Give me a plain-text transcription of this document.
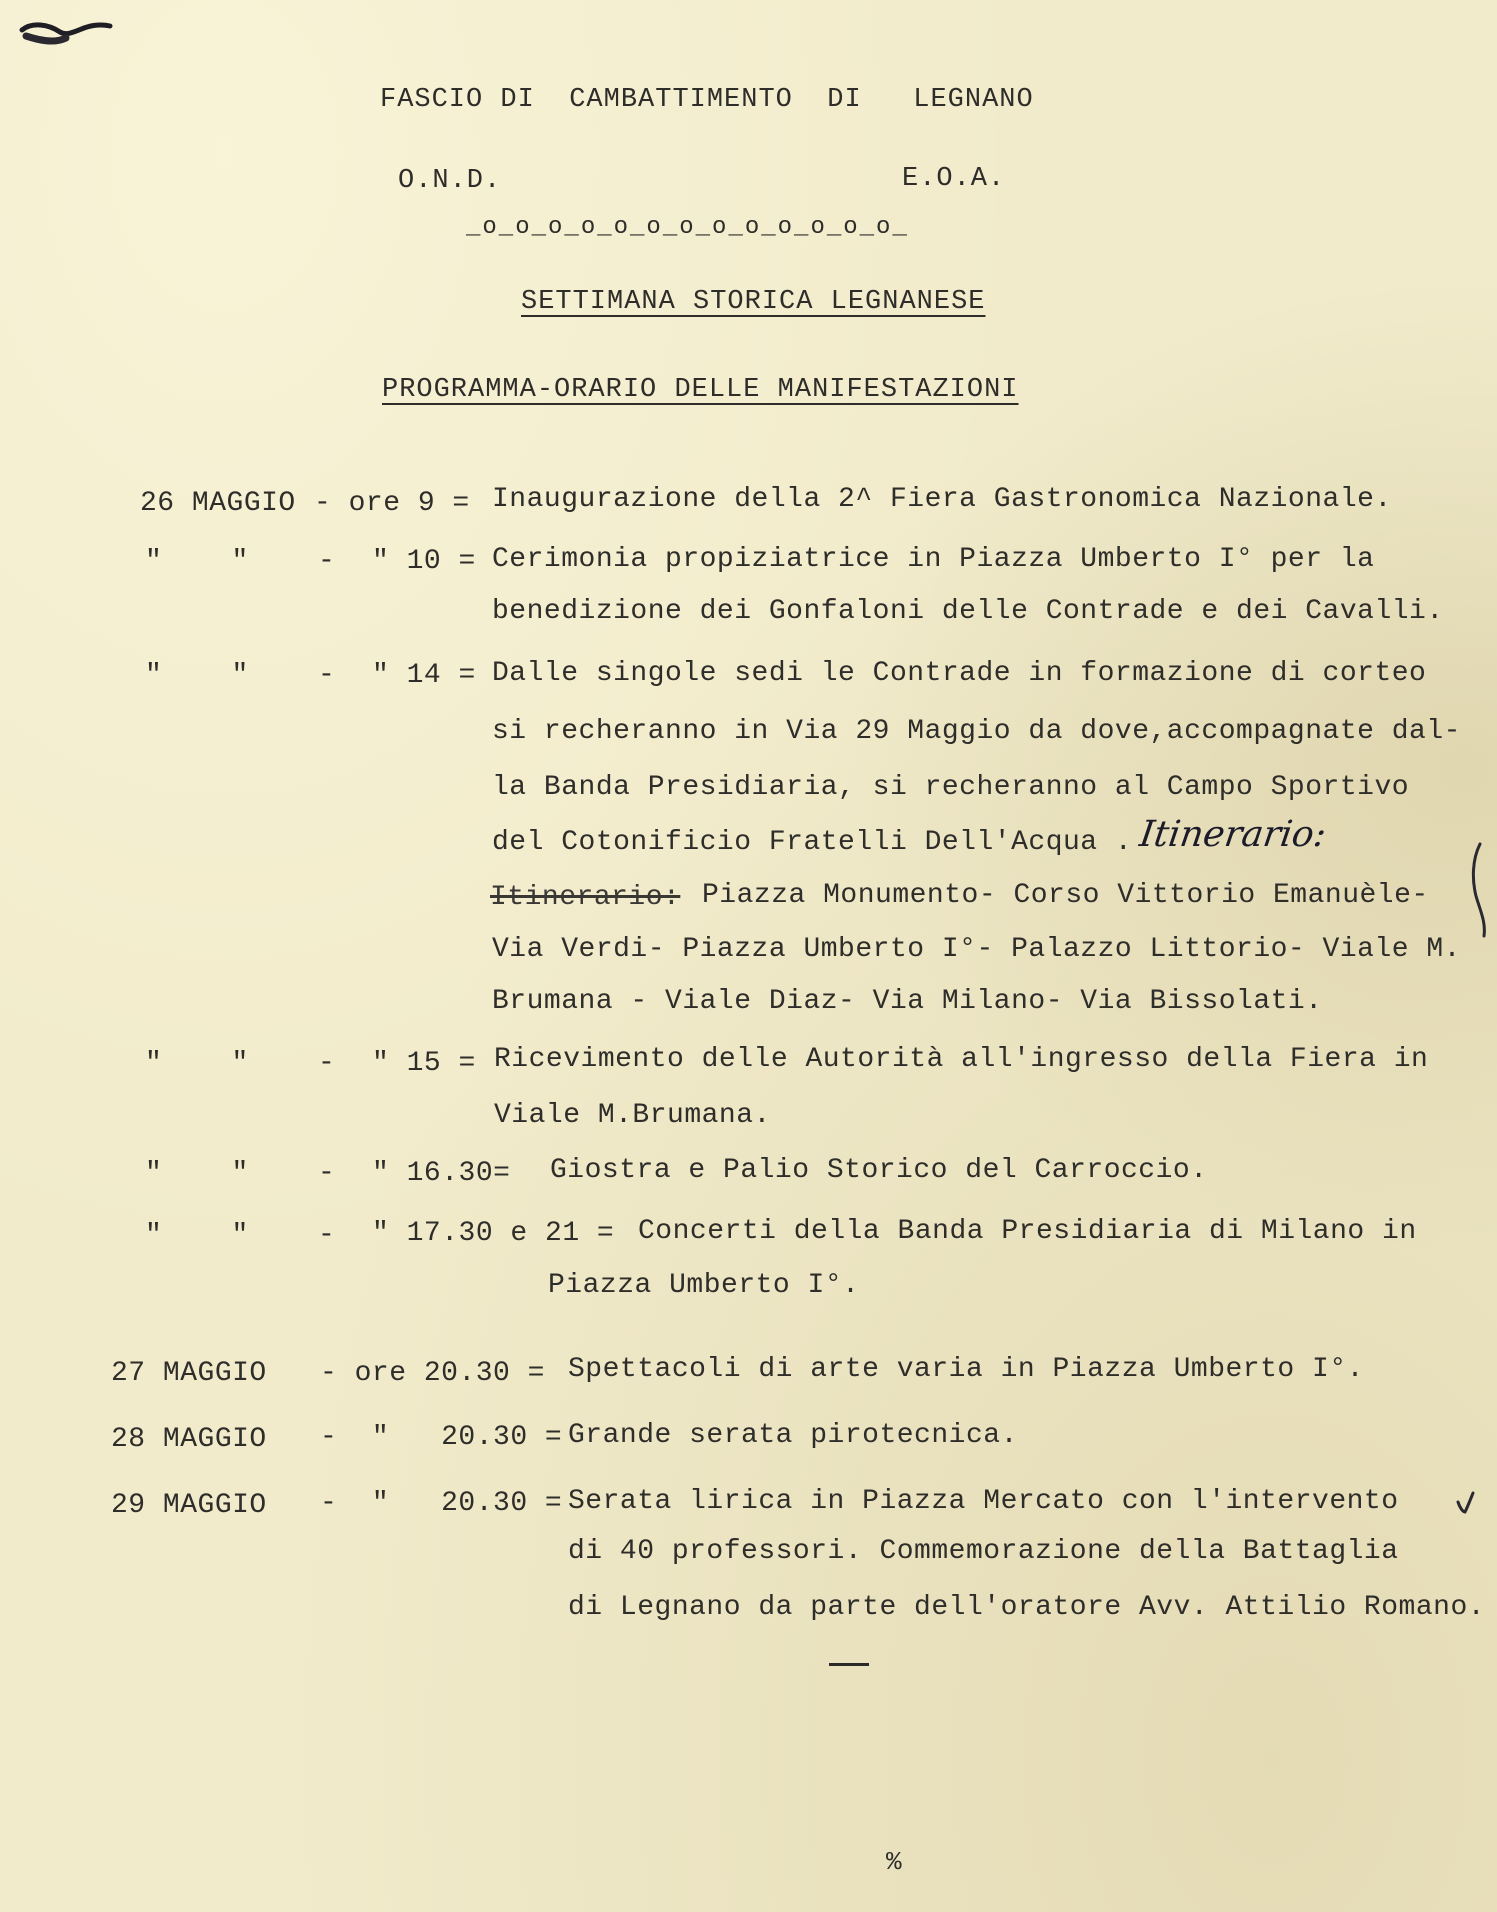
FASCIO DI  CAMBATTIMENTO  DI   LEGNANO
O.N.D.	E.O.A.
_o_o_o_o_o_o_o_o_o_o_o_o_o_
SETTIMANA STORICA LEGNANESE
PROGRAMMA-ORARIO DELLE MANIFESTAZIONI
26 MAGGIO - ore 9 = Inaugurazione della 2^ Fiera Gastronomica Nazionale.
"    "    - " 10 = Cerimonia propiziatrice in Piazza Umberto I° per la
benedizione dei Gonfaloni delle Contrade e dei Cavalli.
"    "    - " 14 = Dalle singole sedi le Contrade in formazione di corteo
si recheranno in Via 29 Maggio da dove,accompagnate dal-
la Banda Presidiaria, si recheranno al Campo Sportivo
del Cotonificio Fratelli Dell'Acqua . Itinerario:
Itinerario: Piazza Monumento- Corso Vittorio Emanuèle-
Via Verdi- Piazza Umberto I°- Palazzo Littorio- Viale M.
Brumana - Viale Diaz- Via Milano- Via Bissolati.
"    "    - " 15 = Ricevimento delle Autorità all'ingresso della Fiera in
Viale M.Brumana.
"    "    - " 16.30= Giostra e Palio Storico del Carroccio.
"    "    - " 17.30 e 21 = Concerti della Banda Presidiaria di Milano in
Piazza Umberto I°.
27 MAGGIO - ore 20.30 = Spettacoli di arte varia in Piazza Umberto I°.
28 MAGGIO -  "   20.30 = Grande serata pirotecnica.
29 MAGGIO -  "   20.30 = Serata lirica in Piazza Mercato con l'intervento
di 40 professori. Commemorazione della Battaglia
di Legnano da parte dell'oratore Avv. Attilio Romano.
%
